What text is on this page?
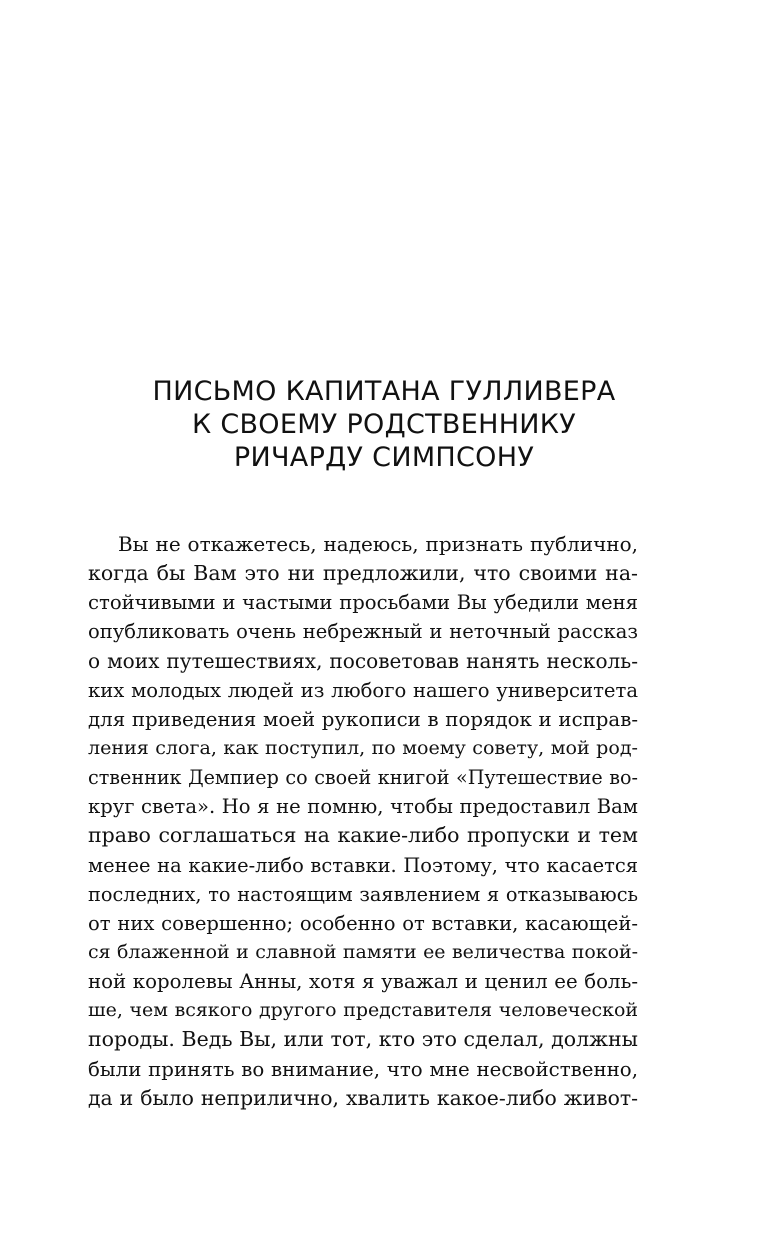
ПИСЬМО КАПИТАНА ГУЛЛИВЕРА
К СВОЕМУ РОДСТВЕННИКУ
РИЧАРДУ СИМПСОНУ
Вы не откажетесь, надеюсь, признать публично,
когда бы Вам это ни предложили, что своими на-
стойчивыми и частыми просьбами Вы убедили меня
опубликовать очень небрежный и неточный рассказ
о моих путешествиях, посоветовав нанять несколь-
ких молодых людей из любого нашего университета
для приведения моей рукописи в порядок и исправ-
ления слога, как поступил, по моему совету, мой род-
ственник Демпиер со своей книгой «Путешествие во-
круг света». Но я не помню, чтобы предоставил Вам
право соглашаться на какие-либо пропуски и тем
менее на какие-либо вставки. Поэтому, что касается
последних, то настоящим заявлением я отказываюсь
от них совершенно; особенно от вставки, касающей-
ся блаженной и славной памяти ее величества покой-
ной королевы Анны, хотя я уважал и ценил ее боль-
ше, чем всякого другого представителя человеческой
породы. Ведь Вы, или тот, кто это сделал, должны
были принять во внимание, что мне несвойственно,
да и было неприлично, хвалить какое-либо живот-
